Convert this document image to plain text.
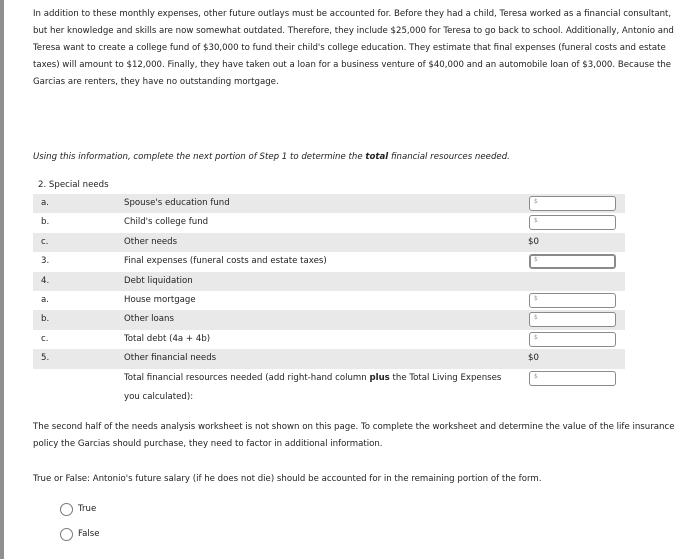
In addition to these monthly expenses, other future outlays must be accounted for. Before they had a child, Teresa worked as a financial consultant,
but her knowledge and skills are now somewhat outdated. Therefore, they include $25,000 for Teresa to go back to school. Additionally, Antonio and
Teresa want to create a college fund of $30,000 to fund their child's college education. They estimate that final expenses (funeral costs and estate
taxes) will amount to $12,000. Finally, they have taken out a loan for a business venture of $40,000 and an automobile loan of $3,000. Because the
Garcias are renters, they have no outstanding mortgage.
Using this information, complete the next portion of Step 1 to determine the total financial resources needed.
2. Special needs
a.	Spouse's education fund	$
b.	Child's college fund	$
c.	Other needs	$0
3.	Final expenses (funeral costs and estate taxes)	$
4.	Debt liquidation
a.	House mortgage	$
b.	Other loans	$
c.	Total debt (4a + 4b)	$
5.	Other financial needs	$0
Total financial resources needed (add right-hand column plus the Total Living Expenses
you calculated):
$
The second half of the needs analysis worksheet is not shown on this page. To complete the worksheet and determine the value of the life insurance
policy the Garcias should purchase, they need to factor in additional information.
True or False: Antonio's future salary (if he does not die) should be accounted for in the remaining portion of the form.
True
False
